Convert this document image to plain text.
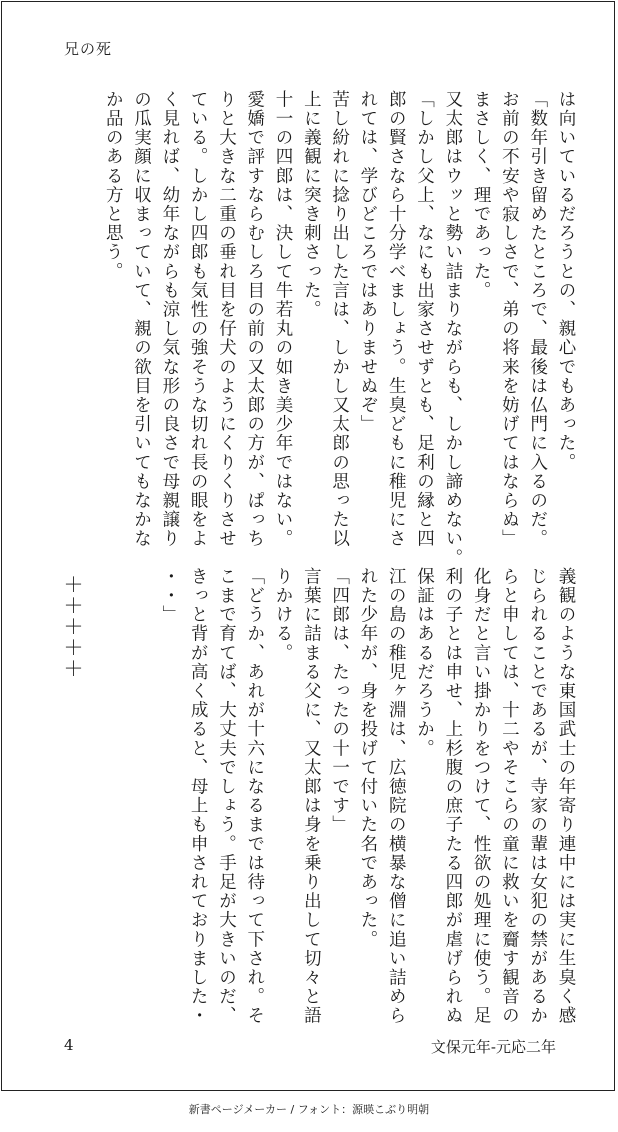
兄の死
は向いているだろうとの、親心でもあった。
「数年引き留めたところで、最後は仏門に入るのだ。
お前の不安や寂しさで、弟の将来を妨げてはならぬ」
まさしく、理であった。
又太郎はウッと勢い詰まりながらも、しかし諦めない。
「しかし父上、なにも出家させずとも、足利の縁と四
郎の賢さなら十分学べましょう。生臭どもに稚児にさ
れては、学びどころではありませぬぞ」
苦し紛れに捻り出した言は、しかし又太郎の思った以
上に義観に突き刺さった。
十一の四郎は、決して牛若丸の如き美少年ではない。
愛嬌で評すならむしろ目の前の又太郎の方が、ぱっち
りと大きな二重の垂れ目を仔犬のようにくりくりさせ
ている。しかし四郎も気性の強そうな切れ長の眼をよ
く見れば、幼年ながらも涼し気な形の良さで母親譲り
の瓜実顔に収まっていて、親の欲目を引いてもなかな
か品のある方と思う。
義観のような東国武士の年寄り連中には実に生臭く感
じられることであるが、寺家の輩は女犯の禁があるか
らと申しては、十二やそこらの童に救いを齎す観音の
化身だと言い掛かりをつけて、性欲の処理に使う。足
利の子とは申せ、上杉腹の庶子たる四郎が虐げられぬ
保証はあるだろうか。
江の島の稚児ヶ淵は、広徳院の横暴な僧に追い詰めら
れた少年が、身を投げて付いた名であった。
「四郎は、たったの十一です」
言葉に詰まる父に、又太郎は身を乗り出して切々と語
りかける。
「どうか、あれが十六になるまでは待って下され。そ
こまで育てば、大丈夫でしょう。手足が大きいのだ、
きっと背が高く成ると、母上も申されておりました・
・・」
＋＋＋＋＋
4	文保元年-元応二年
新書ページメーカー / フォント：源暎こぶり明朝
